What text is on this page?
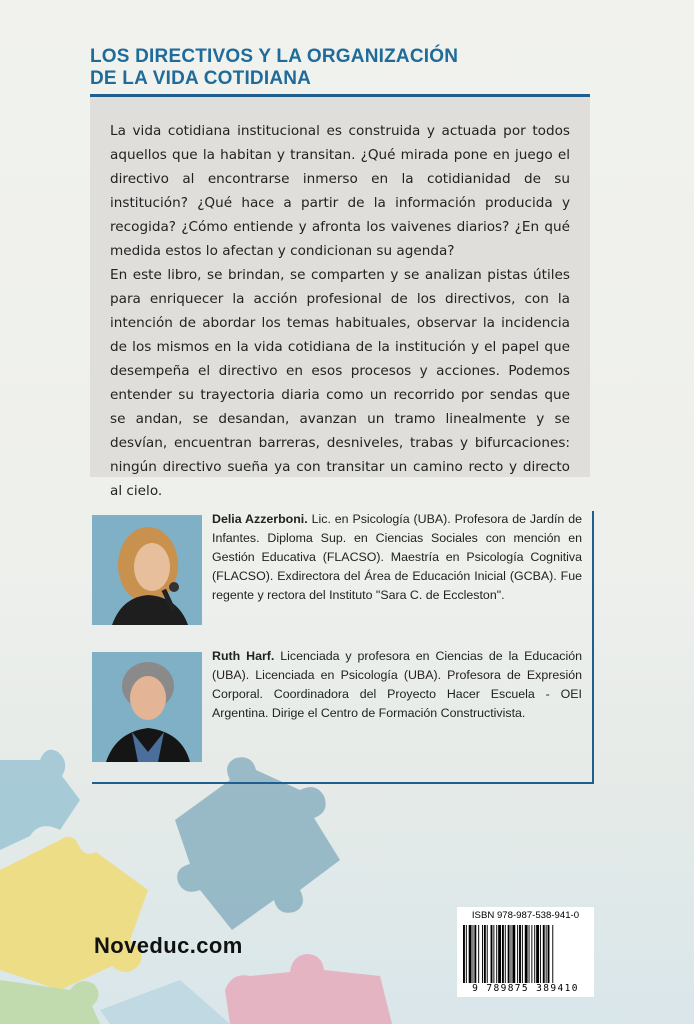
LOS DIRECTIVOS Y LA ORGANIZACIÓN
DE LA VIDA COTIDIANA

La vida cotidiana institucional es construida y actuada por todos aquellos que la habitan y transitan. ¿Qué mirada pone en juego el directivo al encontrarse inmerso en la cotidianidad de su institución? ¿Qué hace a partir de la información producida y recogida? ¿Cómo entiende y afronta los vaivenes diarios? ¿En qué medida estos lo afectan y condicionan su agenda?

En este libro, se brindan, se comparten y se analizan pistas útiles para enriquecer la acción profesional de los directivos, con la intención de abordar los temas habituales, observar la incidencia de los mismos en la vida cotidiana de la institución y el papel que desempeña el directivo en esos procesos y acciones. Podemos entender su trayectoria diaria como un recorrido por sendas que se andan, se desandan, avanzan un tramo linealmente y se desvían, encuentran barreras, desniveles, trabas y bifurcaciones: ningún directivo sueña ya con transitar un camino recto y directo al cielo.

Delia Azzerboni. Lic. en Psicología (UBA). Profesora de Jardín de Infantes. Diploma Sup. en Ciencias Sociales con mención en Gestión Educativa (FLACSO). Maestría en Psicología Cognitiva (FLACSO). Exdirectora del Área de Educación Inicial (GCBA). Fue regente y rectora del Instituto "Sara C. de Eccleston".
Ruth Harf. Licenciada y profesora en Ciencias de la Educación (UBA). Licenciada en Psicología (UBA). Profesora de Expresión Corporal. Coordinadora del Proyecto Hacer Escuela - OEI Argentina. Dirige el Centro de Formación Constructivista.
Noveduc.com
ISBN 978-987-538-941-0
9 789875 389410
